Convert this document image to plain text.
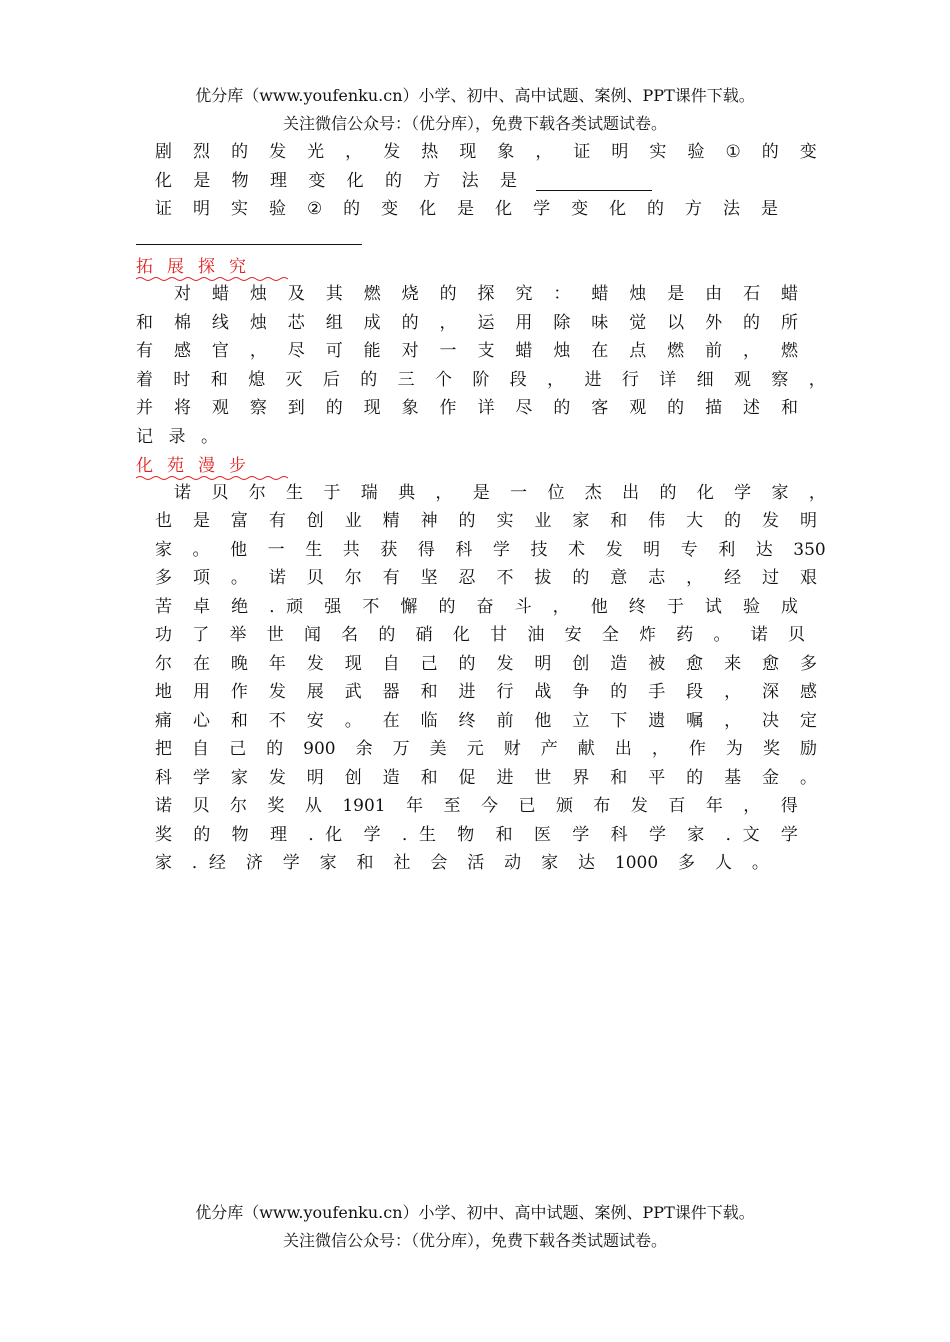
优分库（www.youfenku.cn）小学、初中、高中试题、案例、PPT课件下载。
关注微信公众号：（优分库），免费下载各类试题试卷。
剧 烈 的 发 光 ， 发 热 现 象 ， 证 明 实 验 ① 的 变
化 是 物 理 变 化 的 方 法 是
证 明 实 验 ② 的 变 化 是 化 学 变 化 的 方 法 是
拓展探究
对 蜡 烛 及 其 燃 烧 的 探 究 ： 蜡 烛 是 由 石 蜡
和 棉 线 烛 芯 组 成 的 ， 运 用 除 味 觉 以 外 的 所
有 感 官 ， 尽 可 能 对 一 支 蜡 烛 在 点 燃 前 ， 燃
着 时 和 熄 灭 后 的 三 个 阶 段 ， 进 行 详 细 观 察 ，
并 将 观 察 到 的 现 象 作 详 尽 的 客 观 的 描 述 和
记 录 。
化苑漫步
诺 贝 尔 生 于 瑞 典 ， 是 一 位 杰 出 的 化 学 家 ，
也 是 富 有 创 业 精 神 的 实 业 家 和 伟 大 的 发 明
家 。 他 一 生 共 获 得 科 学 技 术 发 明 专 利 达 350
多 项 。 诺 贝 尔 有 坚 忍 不 拔 的 意 志 ， 经 过 艰
苦 卓 绝 ．顽 强 不 懈 的 奋 斗 ， 他 终 于 试 验 成
功 了 举 世 闻 名 的 硝 化 甘 油 安 全 炸 药 。 诺 贝
尔 在 晚 年 发 现 自 己 的 发 明 创 造 被 愈 来 愈 多
地 用 作 发 展 武 器 和 进 行 战 争 的 手 段 ， 深 感
痛 心 和 不 安 。 在 临 终 前 他 立 下 遗 嘱 ， 决 定
把 自 己 的 900 余 万 美 元 财 产 献 出 ， 作 为 奖 励
科 学 家 发 明 创 造 和 促 进 世 界 和 平 的 基 金 。
诺 贝 尔 奖 从 1901 年 至 今 已 颁 布 发 百 年 ， 得
奖 的 物 理 ．化 学 ．生 物 和 医 学 科 学 家 ．文 学
家 ．经 济 学 家 和 社 会 活 动 家 达 1000 多 人 。
优分库（www.youfenku.cn）小学、初中、高中试题、案例、PPT课件下载。
关注微信公众号：（优分库），免费下载各类试题试卷。
